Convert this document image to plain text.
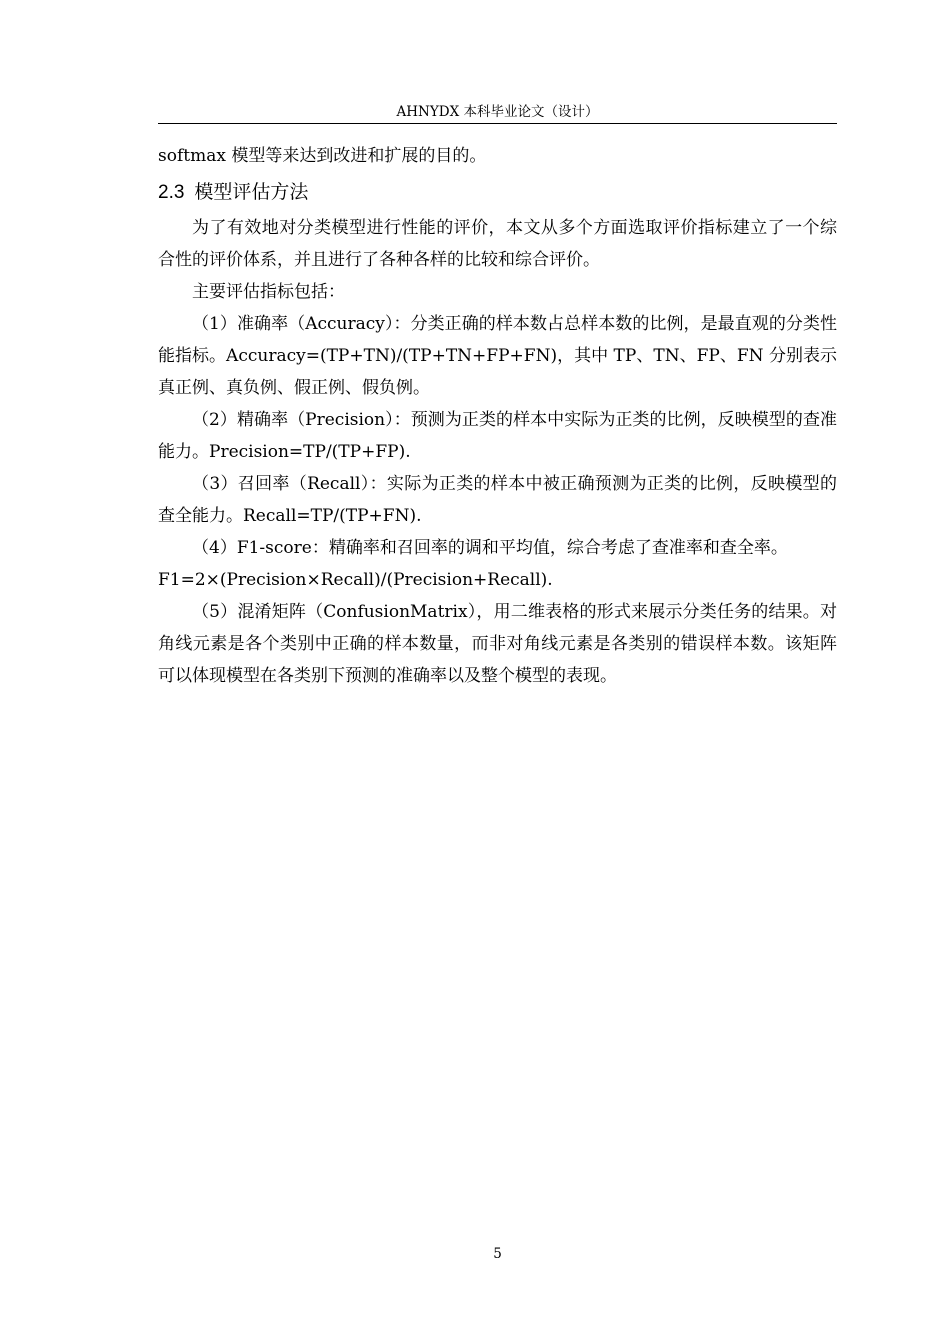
AHNYDX 本科毕业论文（设计）

softmax 模型等来达到改进和扩展的目的。

2.3 模型评估方法

为了有效地对分类模型进行性能的评价，本文从多个方面选取评价指标建立了一个综合性的评价体系，并且进行了各种各样的比较和综合评价。

主要评估指标包括：

（1）准确率（Accuracy）：分类正确的样本数占总样本数的比例，是最直观的分类性能指标。Accuracy=(TP+TN)/(TP+TN+FP+FN)，其中 TP、TN、FP、FN 分别表示真正例、真负例、假正例、假负例。

（2）精确率（Precision）：预测为正类的样本中实际为正类的比例，反映模型的查准能力。Precision=TP/(TP+FP).

（3）召回率（Recall）：实际为正类的样本中被正确预测为正类的比例，反映模型的查全能力。Recall=TP/(TP+FN).

（4）F1-score：精确率和召回率的调和平均值，综合考虑了查准率和查全率。

F1=2×(Precision×Recall)/(Precision+Recall).

（5）混淆矩阵（ConfusionMatrix），用二维表格的形式来展示分类任务的结果。对角线元素是各个类别中正确的样本数量，而非对角线元素是各类别的错误样本数。该矩阵可以体现模型在各类别下预测的准确率以及整个模型的表现。

5
